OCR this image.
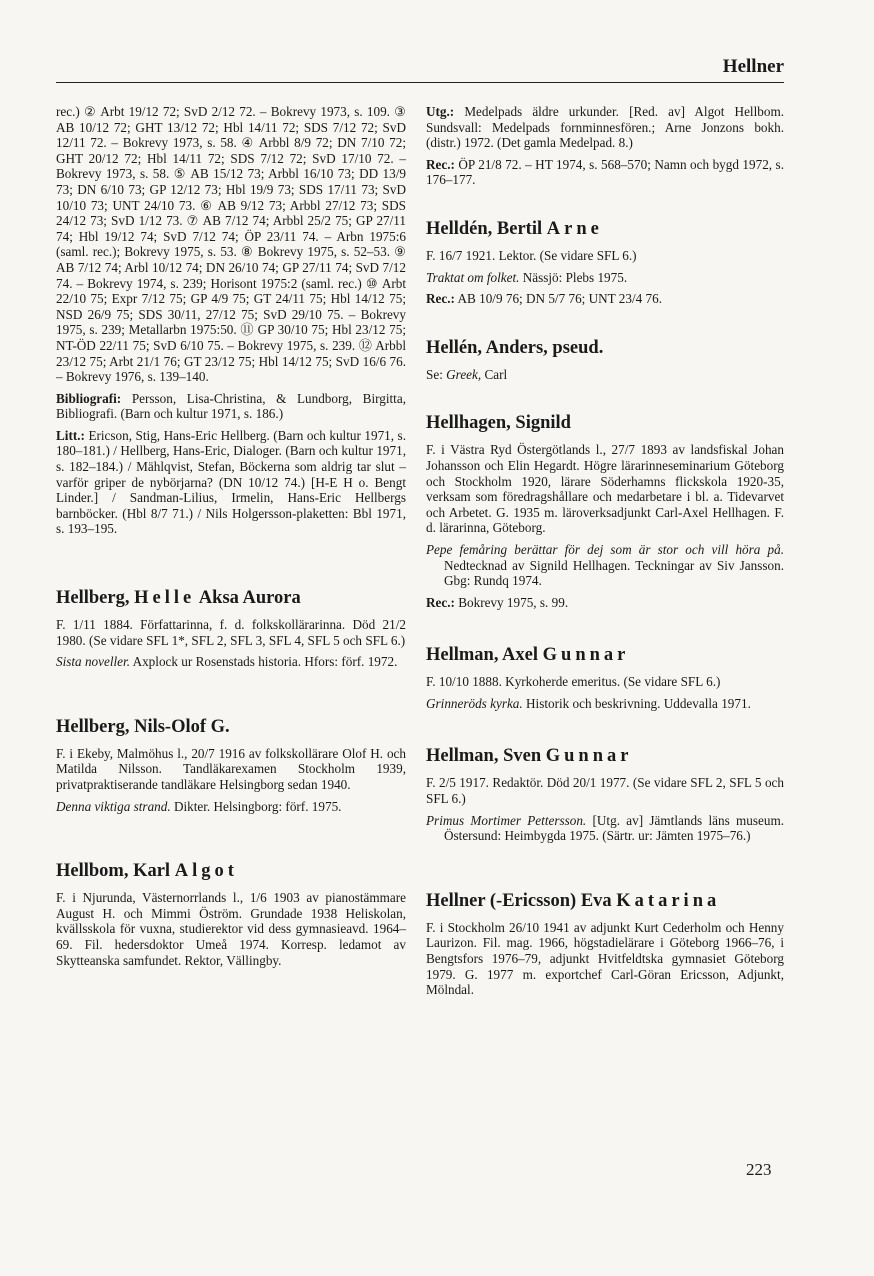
Hellner

rec.) ② Arbt 19/12 72; SvD 2/12 72. – Bokrevy 1973, s. 109. ③ AB 10/12 72; GHT 13/12 72; Hbl 14/11 72; SDS 7/12 72; SvD 12/11 72. – Bokrevy 1973, s. 58. ④ Arbbl 8/9 72; DN 7/10 72; GHT 20/12 72; Hbl 14/11 72; SDS 7/12 72; SvD 17/10 72. – Bokrevy 1973, s. 58. ⑤ AB 15/12 73; Arbbl 16/10 73; DD 13/9 73; DN 6/10 73; GP 12/12 73; Hbl 19/9 73; SDS 17/11 73; SvD 10/10 73; UNT 24/10 73. ⑥ AB 9/12 73; Arbbl 27/12 73; SDS 24/12 73; SvD 1/12 73. ⑦ AB 7/12 74; Arbbl 25/2 75; GP 27/11 74; Hbl 19/12 74; SvD 7/12 74; ÖP 23/11 74. – Arbn 1975:6 (saml. rec.); Bokrevy 1975, s. 53. ⑧ Bokrevy 1975, s. 52–53. ⑨ AB 7/12 74; Arbl 10/12 74; DN 26/10 74; GP 27/11 74; SvD 7/12 74. – Bokrevy 1974, s. 239; Horisont 1975:2 (saml. rec.) ⑩ Arbt 22/10 75; Expr 7/12 75; GP 4/9 75; GT 24/11 75; Hbl 14/12 75; NSD 26/9 75; SDS 30/11, 27/12 75; SvD 29/10 75. – Bokrevy 1975, s. 239; Metallarbn 1975:50. ⑪ GP 30/10 75; Hbl 23/12 75; NT-ÖD 22/11 75; SvD 6/10 75. – Bokrevy 1975, s. 239. ⑫ Arbbl 23/12 75; Arbt 21/1 76; GT 23/12 75; Hbl 14/12 75; SvD 16/6 76. – Bokrevy 1976, s. 139–140.

Bibliografi: Persson, Lisa-Christina, & Lundborg, Birgitta, Bibliografi. (Barn och kultur 1971, s. 186.)

Litt.: Ericson, Stig, Hans-Eric Hellberg. (Barn och kultur 1971, s. 180–181.) / Hellberg, Hans-Eric, Dialoger. (Barn och kultur 1971, s. 182–184.) / Mählqvist, Stefan, Böckerna som aldrig tar slut – varför griper de nybörjarna? (DN 10/12 74.) [H-E H o. Bengt Linder.] / Sandman-Lilius, Irmelin, Hans-Eric Hellbergs barnböcker. (Hbl 8/7 71.) / Nils Holgersson-plaketten: Bbl 1971, s. 193–195.

Hellberg, Helle Aksa Aurora

F. 1/11 1884. Författarinna, f. d. folkskollärarinna. Död 21/2 1980. (Se vidare SFL 1*, SFL 2, SFL 3, SFL 4, SFL 5 och SFL 6.)

Sista noveller. Axplock ur Rosenstads historia. Hfors: förf. 1972.

Hellberg, Nils-Olof G.

F. i Ekeby, Malmöhus l., 20/7 1916 av folkskollärare Olof H. och Matilda Nilsson. Tandläkarexamen Stockholm 1939, privatpraktiserande tandläkare Helsingborg sedan 1940.

Denna viktiga strand. Dikter. Helsingborg: förf. 1975.

Hellbom, Karl Algot

F. i Njurunda, Västernorrlands l., 1/6 1903 av pianostämmare August H. och Mimmi Öström. Grundade 1938 Heliskolan, kvällsskola för vuxna, studierektor vid dess gymnasieavd. 1964–69. Fil. hedersdoktor Umeå 1974. Korresp. ledamot av Skytteanska samfundet. Rektor, Vällingby.

Utg.: Medelpads äldre urkunder. [Red. av] Algot Hellbom. Sundsvall: Medelpads fornminnesfören.; Arne Jonzons bokh. (distr.) 1972. (Det gamla Medelpad. 8.)

Rec.: ÖP 21/8 72. – HT 1974, s. 568–570; Namn och bygd 1972, s. 176–177.

Helldén, Bertil Arne

F. 16/7 1921. Lektor. (Se vidare SFL 6.)

Traktat om folket. Nässjö: Plebs 1975.

Rec.: AB 10/9 76; DN 5/7 76; UNT 23/4 76.

Hellén, Anders, pseud.

Se: Greek, Carl

Hellhagen, Signild

F. i Västra Ryd Östergötlands l., 27/7 1893 av landsfiskal Johan Johansson och Elin Hegardt. Högre lärarinneseminarium Göteborg och Stockholm 1920, lärare Söderhamns flickskola 1920-35, verksam som föredragshållare och medarbetare i bl. a. Tidevarvet och Arbetet. G. 1935 m. läroverksadjunkt Carl-Axel Hellhagen. F. d. lärarinna, Göteborg.

Pepe femåring berättar för dej som är stor och vill höra på. Nedtecknad av Signild Hellhagen. Teckningar av Siv Jansson. Gbg: Rundq 1974.

Rec.: Bokrevy 1975, s. 99.

Hellman, Axel Gunnar

F. 10/10 1888. Kyrkoherde emeritus. (Se vidare SFL 6.)

Grinneröds kyrka. Historik och beskrivning. Uddevalla 1971.

Hellman, Sven Gunnar

F. 2/5 1917. Redaktör. Död 20/1 1977. (Se vidare SFL 2, SFL 5 och SFL 6.)

Primus Mortimer Pettersson. [Utg. av] Jämtlands läns museum. Östersund: Heimbygda 1975. (Särtr. ur: Jämten 1975–76.)

Hellner (-Ericsson) Eva Katarina

F. i Stockholm 26/10 1941 av adjunkt Kurt Cederholm och Henny Laurizon. Fil. mag. 1966, högstadielärare i Göteborg 1966–76, i Bengtsfors 1976–79, adjunkt Hvitfeldtska gymnasiet Göteborg 1979. G. 1977 m. exportchef Carl-Göran Ericsson, Adjunkt, Mölndal.

223
